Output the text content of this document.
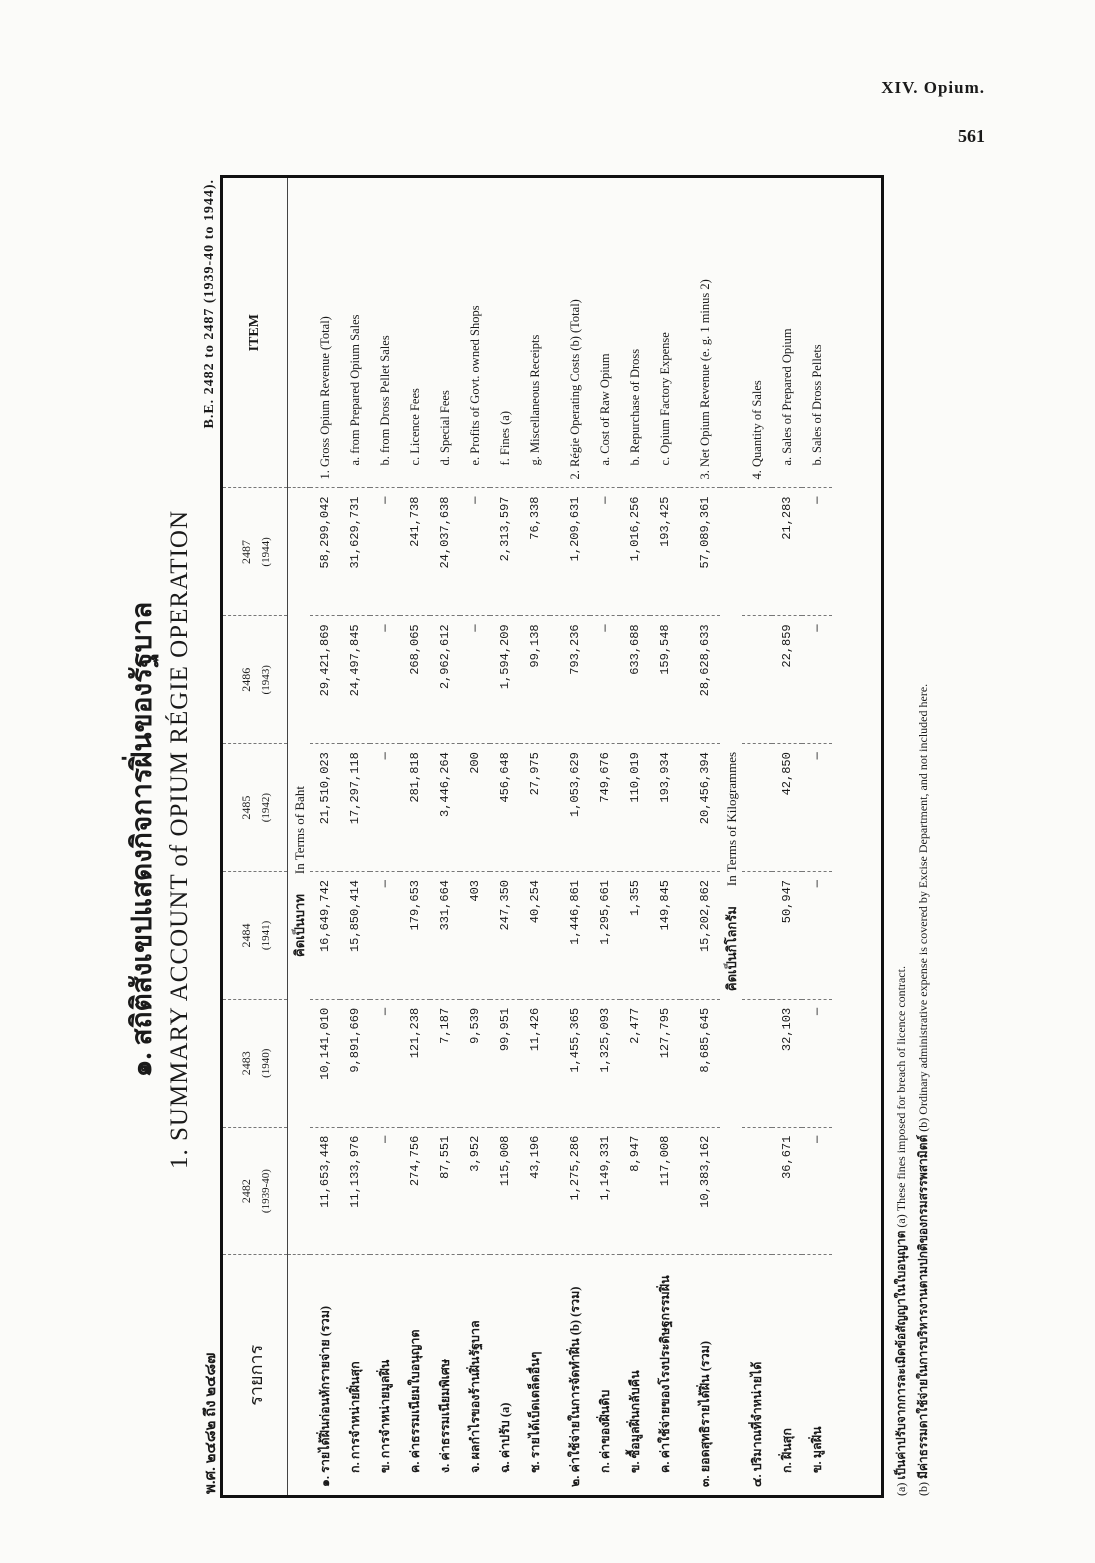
XIV. Opium.
561
๑. สถิติสังเขปแสดงกิจการฝิ่นของรัฐบาล 1. SUMMARY ACCOUNT of OPIUM RÉGIE OPERATION
พ.ศ. ๒๔๘๒ ถึง ๒๔๘๗
B.E. 2482 to 2487 (1939-40 to 1944).
รายการ	2482 (1939-40)	2483 (1940)	2484 (1941)	2485 (1942)	2486 (1943)	2487 (1944)	ITEM
	คิดเป็นบาทIn Terms of Baht						
๑. รายได้ฝิ่นก่อนหักรายจ่าย (รวม)	11,653,448	10,141,010	16,649,742	21,510,023	29,421,869	58,299,042	1. Gross Opium Revenue (Total)
ก. การจำหน่ายฝิ่นสุก	11,133,976	9,891,669	15,850,414	17,297,118	24,497,845	31,629,731	a. from Prepared Opium Sales
ข. การจำหน่ายมูลฝิ่น	—	—	—	—	—	—	b. from Dross Pellet Sales
ค. ค่าธรรมเนียมใบอนุญาต	274,756	121,238	179,653	281,818	268,065	241,738	c. Licence Fees
ง. ค่าธรรมเนียมพิเศษ	87,551	7,187	331,664	3,446,264	2,962,612	24,037,638	d. Special Fees
จ. ผลกำไรของร้านฝิ่นรัฐบาล	3,952	9,539	403	200	—	—	e. Profits of Govt. owned Shops
ฉ. ค่าปรับ (a)	115,008	99,951	247,350	456,648	1,594,209	2,313,597	f. Fines (a)
ช. รายได้เบ็ดเตล็ดอื่นๆ	43,196	11,426	40,254	27,975	99,138	76,338	g. Miscellaneous Receipts
๒. ค่าใช้จ่ายในการจัดทำฝิ่น (b) (รวม)	1,275,286	1,455,365	1,446,861	1,053,629	793,236	1,209,631	2. Régie Operating Costs (b) (Total)
ก. ค่าของฝิ่นดิบ	1,149,331	1,325,093	1,295,661	749,676	—	—	a. Cost of Raw Opium
ข. ซื้อมูลฝิ่นกลับคืน	8,947	2,477	1,355	110,019	633,688	1,016,256	b. Repurchase of Dross
ค. ค่าใช้จ่ายของโรงประดิษฐกรรมฝิ่น	117,008	127,795	149,845	193,934	159,548	193,425	c. Opium Factory Expense
๓. ยอดสุทธิรายได้ฝิ่น (รวม)	10,383,162	8,685,645	15,202,862	20,456,394	28,628,633	57,089,361	3. Net Opium Revenue (e. g. 1 minus 2)
	คิดเป็นกิโลกรัมIn Terms of Kilogrammes						
๔. ปริมาณที่จำหน่ายได้							4. Quantity of Sales
ก. ฝิ่นสุก	36,671	32,103	50,947	42,850	22,859	21,283	a. Sales of Prepared Opium
ข. มูลฝิ่น	—	—	—	—	—	—	b. Sales of Dross Pellets
(a) เป็นค่าปรับจากการละเมิดข้อสัญญาในใบอนุญาต (a) These fines imposed for breach of licence contract.
(b) มีค่าธรรมดาใช้จ่ายในการบริหารงานตามปกติของกรมสรรพสามิตต์ (b) Ordinary administrative expense is covered by Excise Department, and not included here.
